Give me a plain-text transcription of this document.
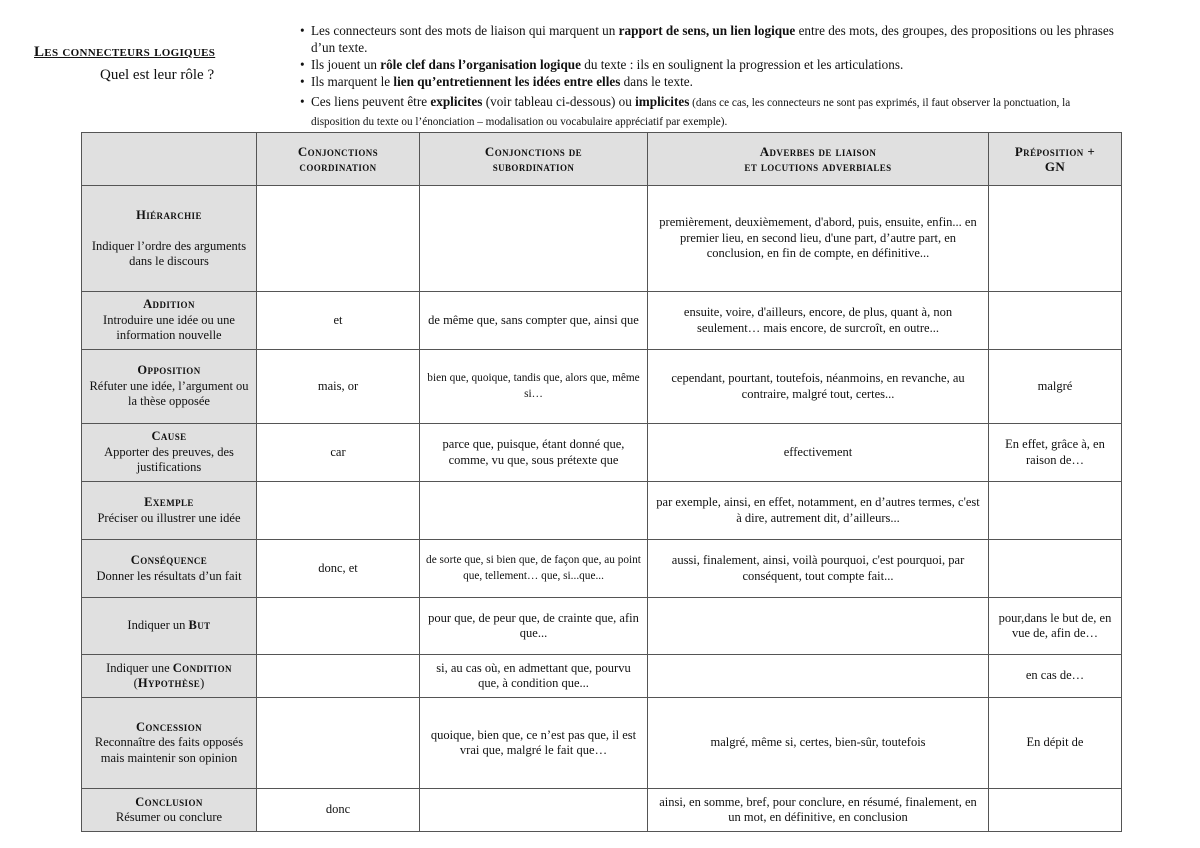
Les connecteurs logiques
Quel est leur rôle ?
• Les connecteurs sont des mots de liaison qui marquent un rapport de sens, un lien logique entre des mots, des groupes, des propositions ou les phrases d’un texte.
• Ils jouent un rôle clef dans l’organisation logique du texte : ils en soulignent la progression et les articulations.
• Ils marquent le lien qu’entretiennent les idées entre elles dans le texte.
• Ces liens peuvent être explicites (voir tableau ci-dessous) ou implicites (dans ce cas, les connecteurs ne sont pas exprimés, il faut observer la ponctuation, la disposition du texte ou l’énonciation – modalisation ou vocabulaire appréciatif par exemple).
	Conjonctions
coordination	Conjonctions de
subordination	Adverbes de liaison
et locutions adverbiales	Préposition +
GN
Hiérarchie

Indiquer l’ordre des arguments dans le discours			premièrement, deuxièmement, d'abord, puis, ensuite, enfin... en premier lieu, en second lieu, d'une part, d’autre part, en conclusion, en fin de compte, en définitive...	
Addition
Introduire une idée ou une information nouvelle	et	de même que, sans compter que, ainsi que	ensuite, voire, d'ailleurs, encore, de plus, quant à, non seulement… mais encore, de surcroît, en outre...	
Opposition
Réfuter une idée, l’argument ou la thèse opposée	mais, or	bien que, quoique, tandis que, alors que, même si…	cependant, pourtant, toutefois, néanmoins, en revanche, au contraire, malgré tout, certes...	malgré
Cause
Apporter des preuves, des justifications	car	parce que, puisque, étant donné que, comme, vu que, sous prétexte que	effectivement	En effet, grâce à, en raison de…
Exemple
Préciser ou illustrer une idée			par exemple, ainsi, en effet, notamment, en d’autres termes, c'est à dire, autrement dit, d’ailleurs...	
Conséquence
Donner les résultats d’un fait	donc, et	de sorte que, si bien que, de façon que, au point que, tellement… que, si...que...	aussi, finalement, ainsi, voilà pourquoi, c'est pourquoi, par conséquent, tout compte fait...	
Indiquer un But		pour que, de peur que, de crainte que, afin que...		pour,dans le but de, en vue de, afin de…
Indiquer une Condition
(Hypothèse)		si, au cas où, en admettant que, pourvu que, à condition que...		en cas de…
Concession
Reconnaître des faits opposés mais maintenir son opinion		quoique, bien que, ce n’est pas que, il est vrai que, malgré le fait que…	malgré, même si, certes, bien-sûr, toutefois	En dépit de
Conclusion
Résumer ou conclure	donc		ainsi, en somme, bref, pour conclure, en résumé, finalement, en un mot, en définitive, en conclusion	
